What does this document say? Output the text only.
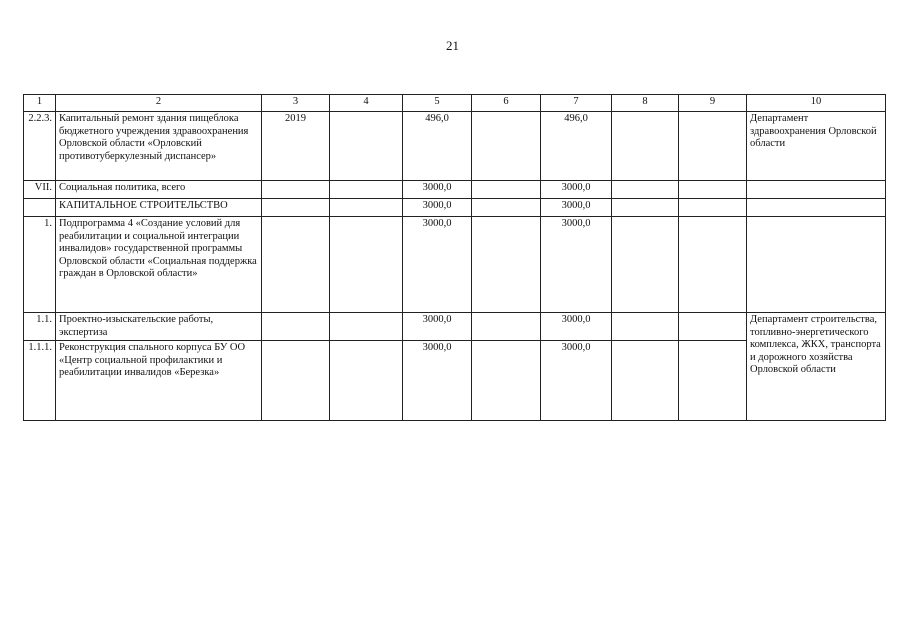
21
1	2	3	4	5	6	7	8	9	10
2.2.3.	Капитальный ремонт здания пищеблока бюджетного учреждения здравоохранения Орловской области «Орловский противотуберкулезный диспансер»	2019		496,0		496,0			Департамент здравоохранения Орловской области
VII.	Социальная политика, всего			3000,0		3000,0			
	КАПИТАЛЬНОЕ СТРОИТЕЛЬСТВО			3000,0		3000,0			
1.	Подпрограмма 4 «Создание условий для реабилитации и социальной интеграции инвалидов» государственной программы Орловской области «Социальная поддержка граждан в Орловской области»			3000,0		3000,0			
1.1.	Проектно-изыскательские работы, экспертиза			3000,0		3000,0			Департамент строительства, топливно-энергетического комплекса, ЖКХ, транспорта и дорожного хозяйства Орловской области
1.1.1.	Реконструкция спального корпуса БУ ОО «Центр социальной профилактики и реабилитации инвалидов «Березка»			3000,0		3000,0			
